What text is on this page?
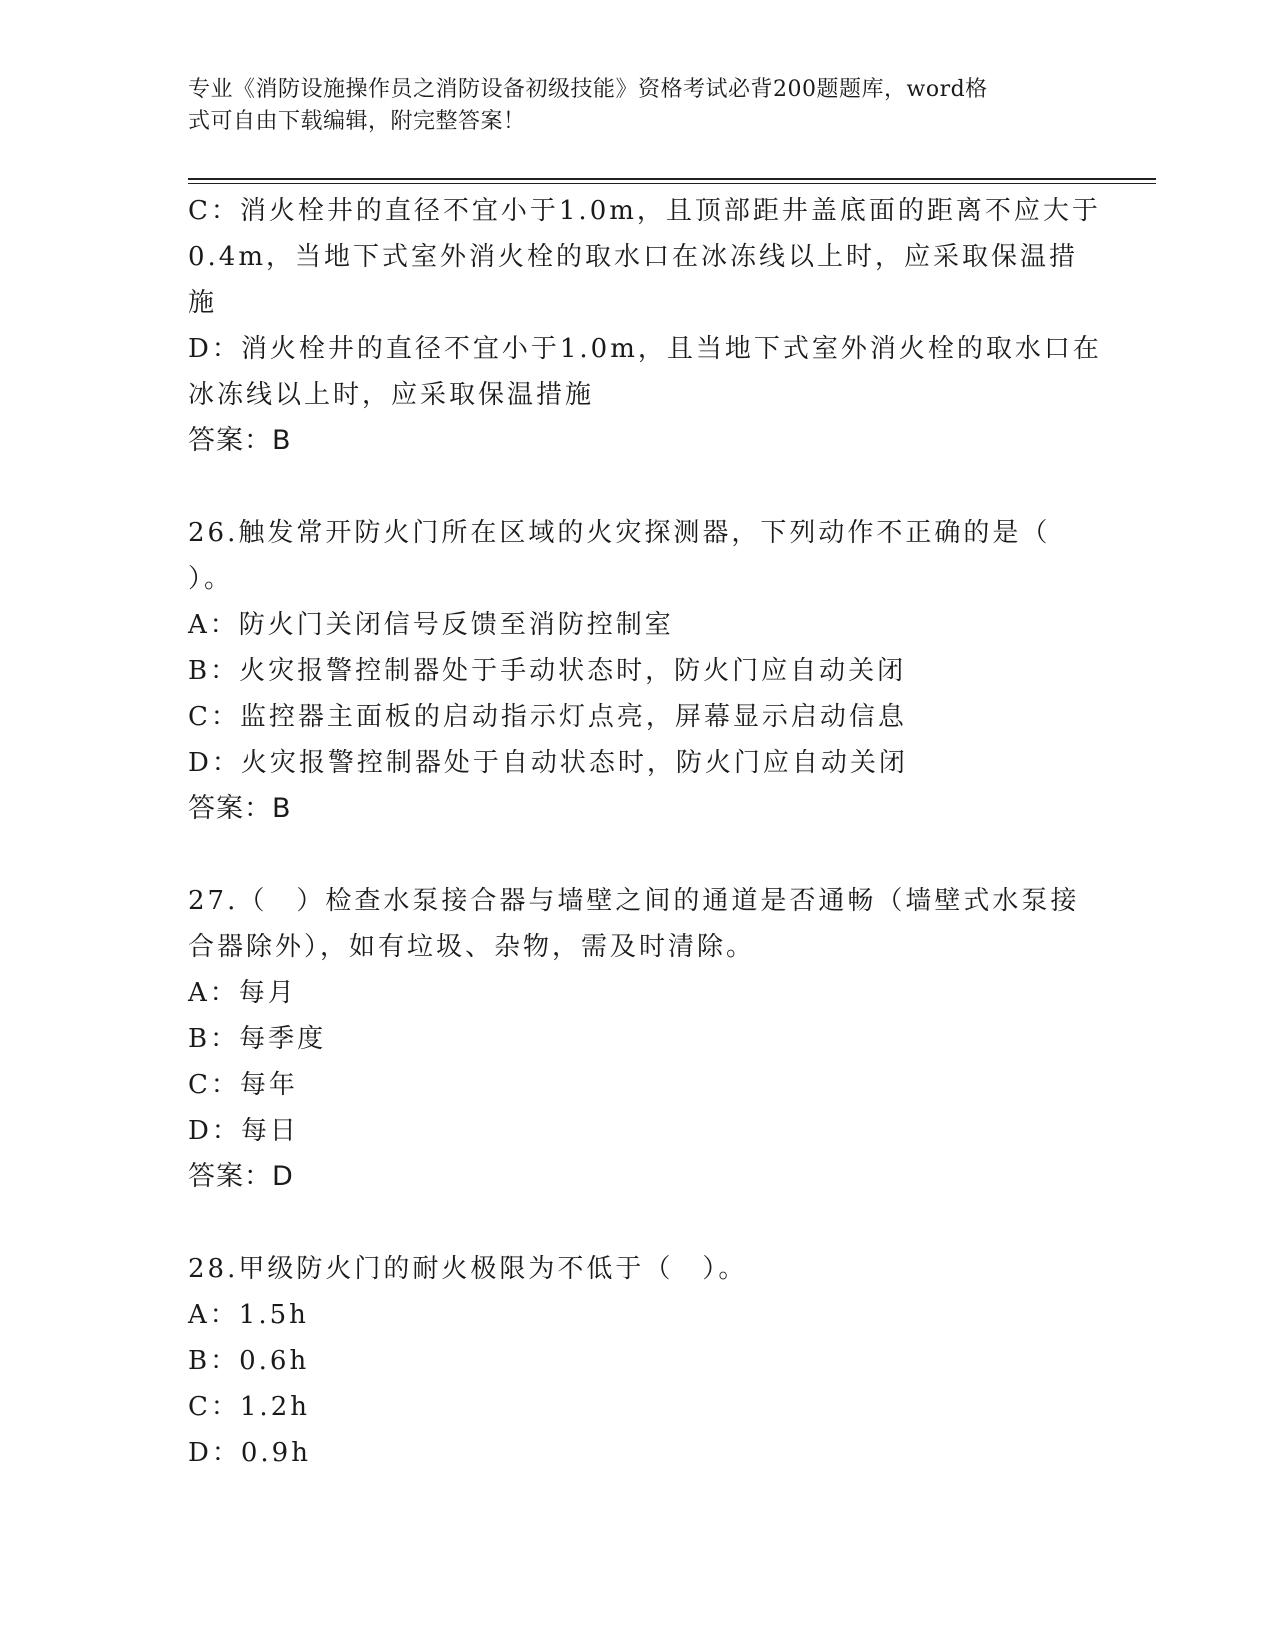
专业《消防设施操作员之消防设备初级技能》资格考试必背200题题库，word格
式可自由下载编辑，附完整答案！
C：消火栓井的直径不宜小于1.0m，且顶部距井盖底面的距离不应大于
0.4m，当地下式室外消火栓的取水口在冰冻线以上时，应采取保温措
施
D：消火栓井的直径不宜小于1.0m，且当地下式室外消火栓的取水口在
冰冻线以上时，应采取保温措施
答案：B
26.触发常开防火门所在区域的火灾探测器，下列动作不正确的是（
）。
A：防火门关闭信号反馈至消防控制室
B：火灾报警控制器处于手动状态时，防火门应自动关闭
C：监控器主面板的启动指示灯点亮，屏幕显示启动信息
D：火灾报警控制器处于自动状态时，防火门应自动关闭
答案：B
27.（　）检查水泵接合器与墙壁之间的通道是否通畅（墙壁式水泵接
合器除外），如有垃圾、杂物，需及时清除。
A：每月
B：每季度
C：每年
D：每日
答案：D
28.甲级防火门的耐火极限为不低于（　）。
A：1.5h
B：0.6h
C：1.2h
D：0.9h
